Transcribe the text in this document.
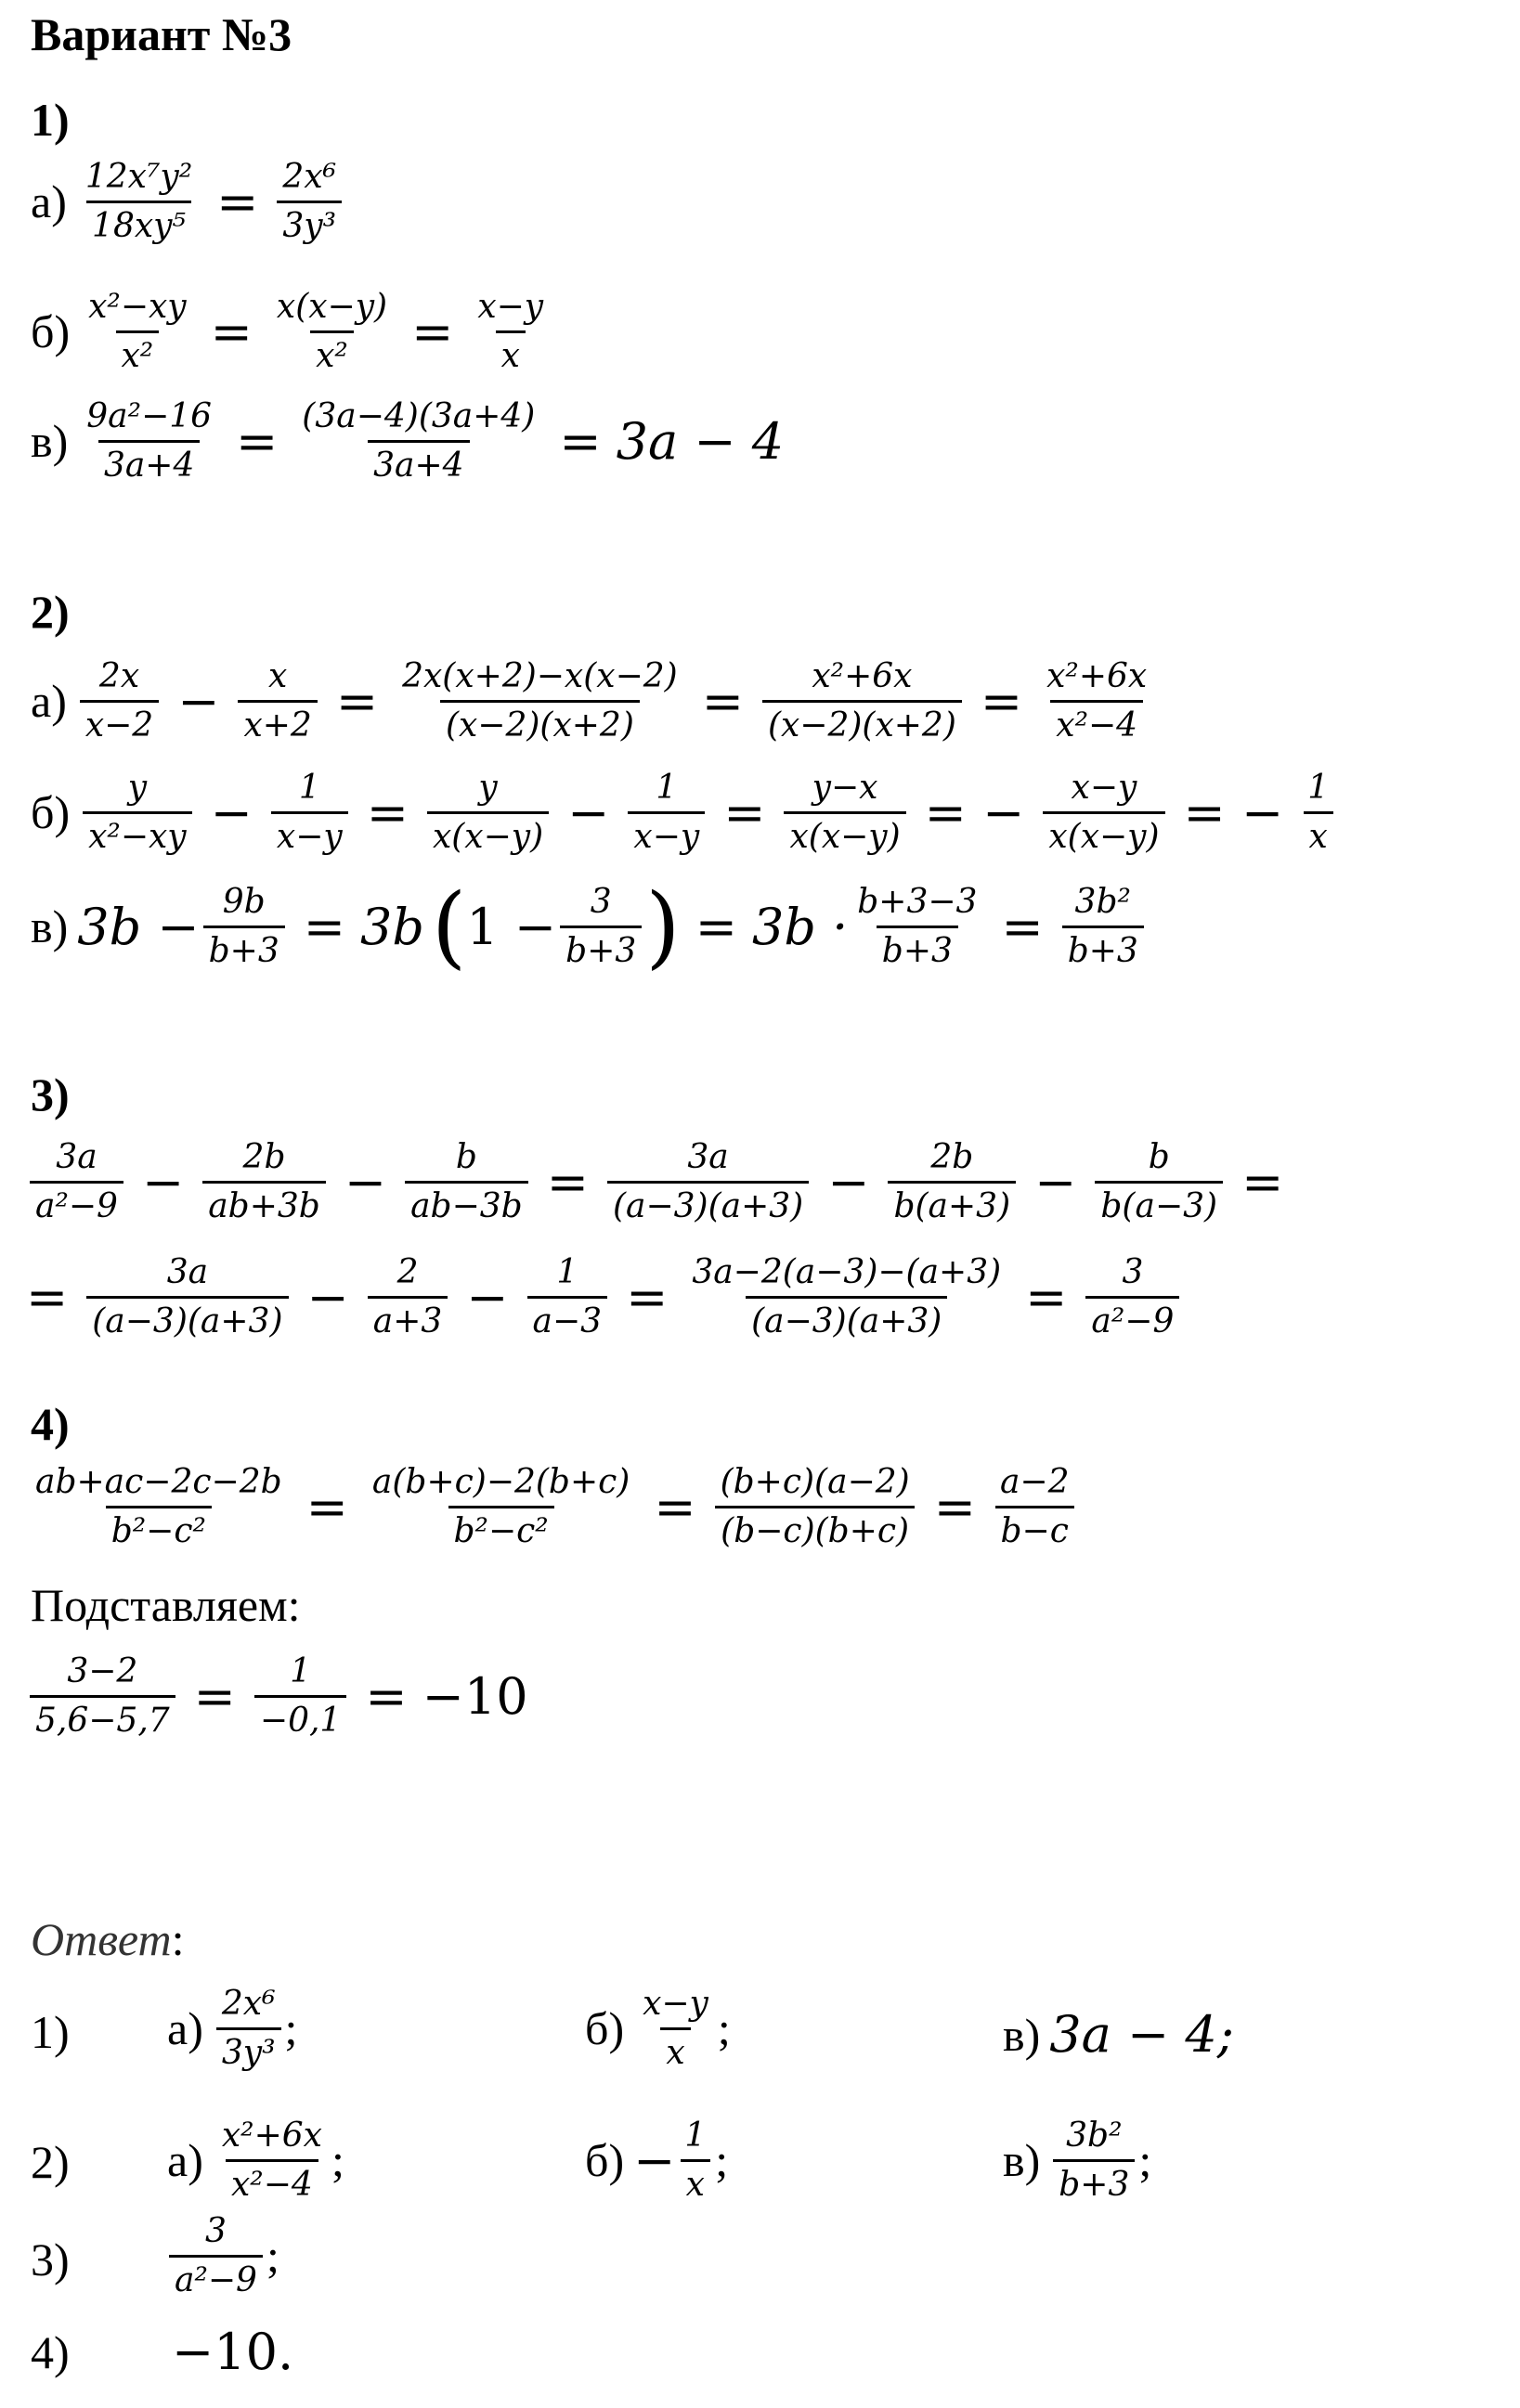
Вариант №3
1)
$а) \frac{\text{12x⁷y²}}{\text{18xy⁵}} = \frac{\text{2x⁶}}{\text{3y³}}$
$б) \frac{\text{x²−xy}}{\text{x²}} = \frac{x(x-y)}{\text{x²}} = \frac{x-y}{x}$
$в) \frac{\text{9a²−16}}{3a+4} = \frac{(3a-4)(3a+4)}{3a+4} = 3a - 4$
2)
$а) \frac{2x}{x-2} - \frac{x}{x+2} = \frac{2x(x+2)-x(x-2)}{(x-2)(x+2)} = \frac{\text{x²+6x}}{(x-2)(x+2)} = \frac{\text{x²+6x}}{\text{x²−4}}$
$б) \frac{y}{\text{x²−xy}} - \frac{1}{x-y} = \frac{y}{x(x-y)} - \frac{1}{x-y} = \frac{y-x}{x(x-y)}$ = − $\frac{x-y}{x(x-y)}$ = − $\frac{1}{x}$
в) $3b - \frac{9b}{b+3} = 3b$ ( $1 - \frac{3}{b+3}$ ) = $3b \cdot \frac{b+3-3}{b+3} = \frac{\text{3b²}}{b+3}$
3)
$\frac{3a}{\text{a²−9}} - \frac{2b}{ab+3b} - \frac{b}{ab-3b} = \frac{3a}{(a-3)(a+3)} - \frac{2b}{b(a+3)} - \frac{b}{b(a-3)}$ =
= $\frac{3a}{(a-3)(a+3)} - \frac{2}{a+3} - \frac{1}{a-3} = \frac{3a-2(a-3)-(a+3)}{(a-3)(a+3)} = \frac{3}{\text{a²−9}}$
4)
$\frac{ab+ac-2c-2b}{\text{b²−c²}} = \frac{a(b+c)-2(b+c)}{\text{b²−c²}} = \frac{(b+c)(a-2)}{(b-c)(b+c)} = \frac{a-2}{b-c}$
Подставляем:
$\frac{3-2}{5,6-5,7} = \frac{1}{-0,1} = -10$
Ответ:
1) $а) \frac{\text{2x⁶}}{\text{3y³}}$ ;	$б) \frac{x-y}{x}$ ;	в) 3a − 4;
2) $а) \frac{\text{x²+6x}}{\text{x²−4}}$ ;	$б) - \frac{1}{x}$ ;	$в) \frac{\text{3b²}}{b+3}$ ;
3)	$\frac{3}{\text{a²−9}}$ ;
4) −10.
